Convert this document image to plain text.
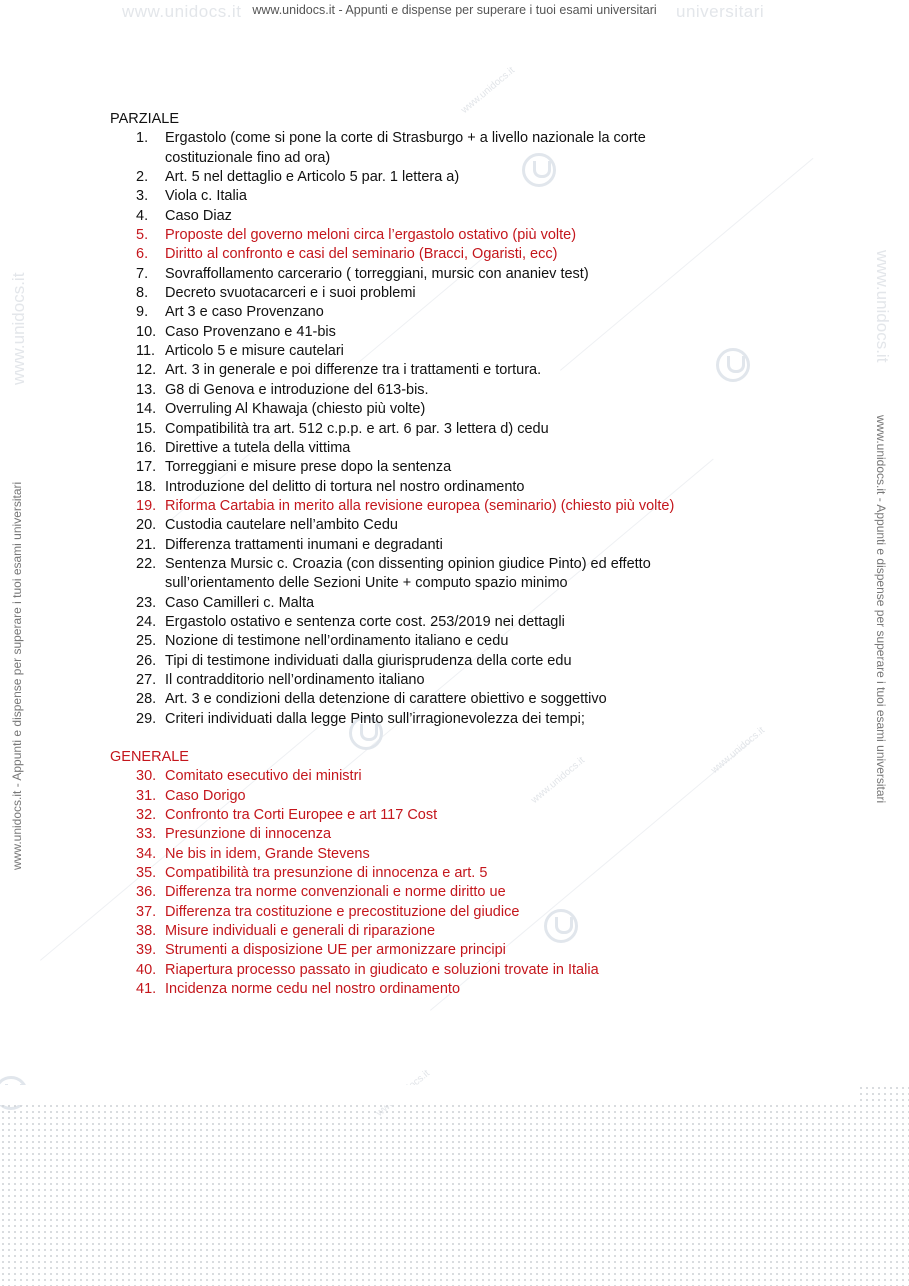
www.unidocs.it	universitari
www.unidocs.it - Appunti e dispense per superare i tuoi esami universitari
www.unidocs.it - Appunti e dispense per superare i tuoi esami universitari	www.unidocs.it - Appunti e dispense per superare i tuoi esami universitari
www.unidocs.it	www.unidocs.it
www.unidocs.it
www.unidocs.it
www.unidocs.it

PARZIALE

1. Ergastolo (come si pone la corte di Strasburgo + a livello nazionale la corte
costituzionale fino ad ora)
2. Art. 5 nel dettaglio e Articolo 5 par. 1 lettera a)
3. Viola c. Italia
4. Caso Diaz
5. Proposte del governo meloni circa l’ergastolo ostativo (più volte)
6. Diritto al confronto e casi del seminario (Bracci, Ogaristi, ecc)
7. Sovraffollamento carcerario ( torreggiani, mursic con ananiev test)
8. Decreto svuotacarceri e i suoi problemi
9. Art 3 e caso Provenzano
10. Caso Provenzano e 41-bis
11. Articolo 5 e misure cautelari
12. Art. 3 in generale e poi differenze tra i trattamenti e tortura.
13. G8 di Genova e introduzione del 613-bis.
14. Overruling Al Khawaja (chiesto più volte)
15. Compatibilità tra art. 512 c.p.p. e art. 6 par. 3 lettera d) cedu
16. Direttive a tutela della vittima
17. Torreggiani e misure prese dopo la sentenza
18. Introduzione del delitto di tortura nel nostro ordinamento
19. Riforma Cartabia in merito alla revisione europea (seminario) (chiesto più volte)
20. Custodia cautelare nell’ambito Cedu
21. Differenza trattamenti inumani e degradanti
22. Sentenza Mursic c. Croazia (con dissenting opinion giudice Pinto) ed effetto
sull’orientamento delle Sezioni Unite + computo spazio minimo
23. Caso Camilleri c. Malta
24. Ergastolo ostativo e sentenza corte cost. 253/2019 nei dettagli
25. Nozione di testimone nell’ordinamento italiano e cedu
26. Tipi di testimone individuati dalla giurisprudenza della corte edu
27. Il contradditorio nell’ordinamento italiano
28. Art. 3 e condizioni della detenzione di carattere obiettivo e soggettivo
29. Criteri individuati dalla legge Pinto sull’irragionevolezza dei tempi;

GENERALE

30. Comitato esecutivo dei ministri
31. Caso Dorigo
32. Confronto tra Corti Europee e art 117 Cost
33. Presunzione di innocenza
34. Ne bis in idem, Grande Stevens
35. Compatibilità tra presunzione di innocenza e art. 5
36. Differenza tra norme convenzionali e norme diritto ue
37. Differenza tra costituzione e precostituzione del giudice
38. Misure individuali e generali di riparazione
39. Strumenti a disposizione UE per armonizzare principi
40. Riapertura processo passato in giudicato e soluzioni trovate in Italia
41. Incidenza norme cedu nel nostro ordinamento
